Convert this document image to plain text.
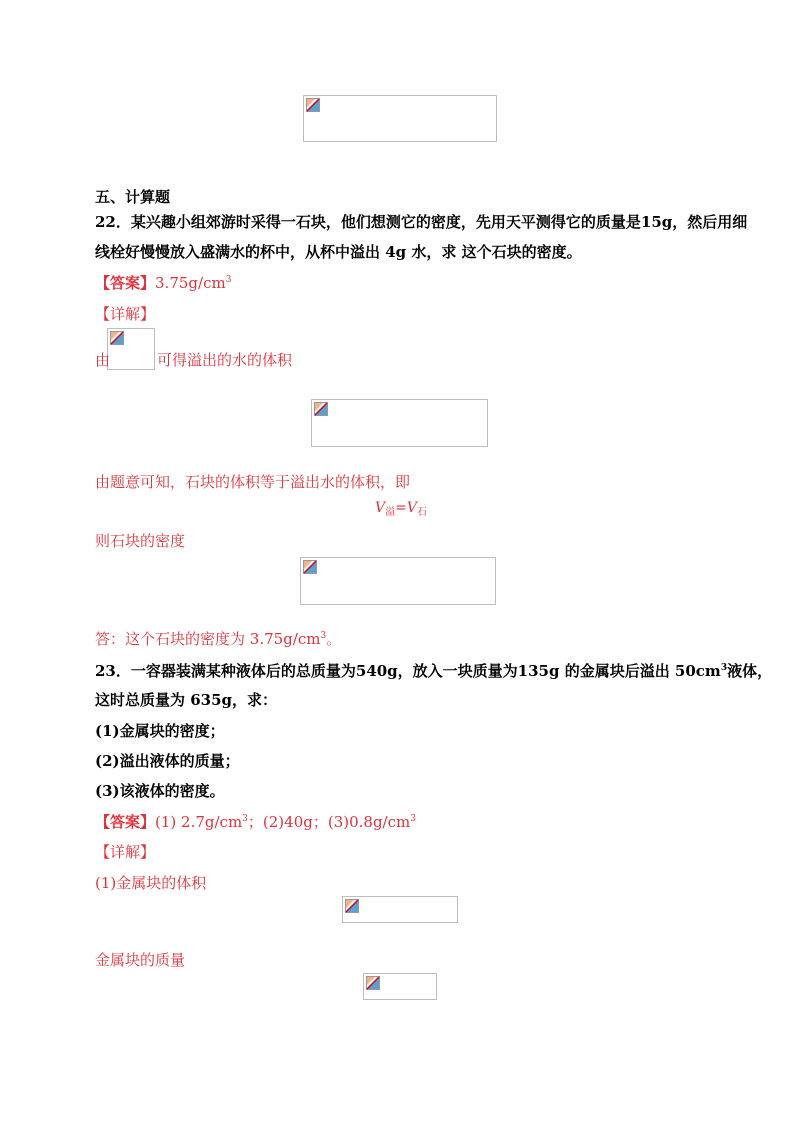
五、计算题
22．某兴趣小组郊游时采得一石块，他们想测它的密度，先用天平测得它的质量是15g，然后用细
线栓好慢慢放入盛满水的杯中，从杯中溢出 4g 水，求 这个石块的密度。
【答案】$3.75g/cm^3$
【详解】
由	可得溢出的水的体积
由题意可知，石块的体积等于溢出水的体积，即
$V_溢=V_石$
则石块的密度
答：这个石块的密度为 $3.75g/cm^3$。
23．一容器装满某种液体后的总质量为540g，放入一块质量为135g 的金属块后溢出 $50cm^3$液体，
这时总质量为 635g，求：
(1)金属块的密度；
(2)溢出液体的质量；
(3)该液体的密度。
【答案】(1) $2.7g/cm^3$；(2)40g；$(3)0.8g/cm^3$
【详解】
(1)金属块的体积
金属块的质量
